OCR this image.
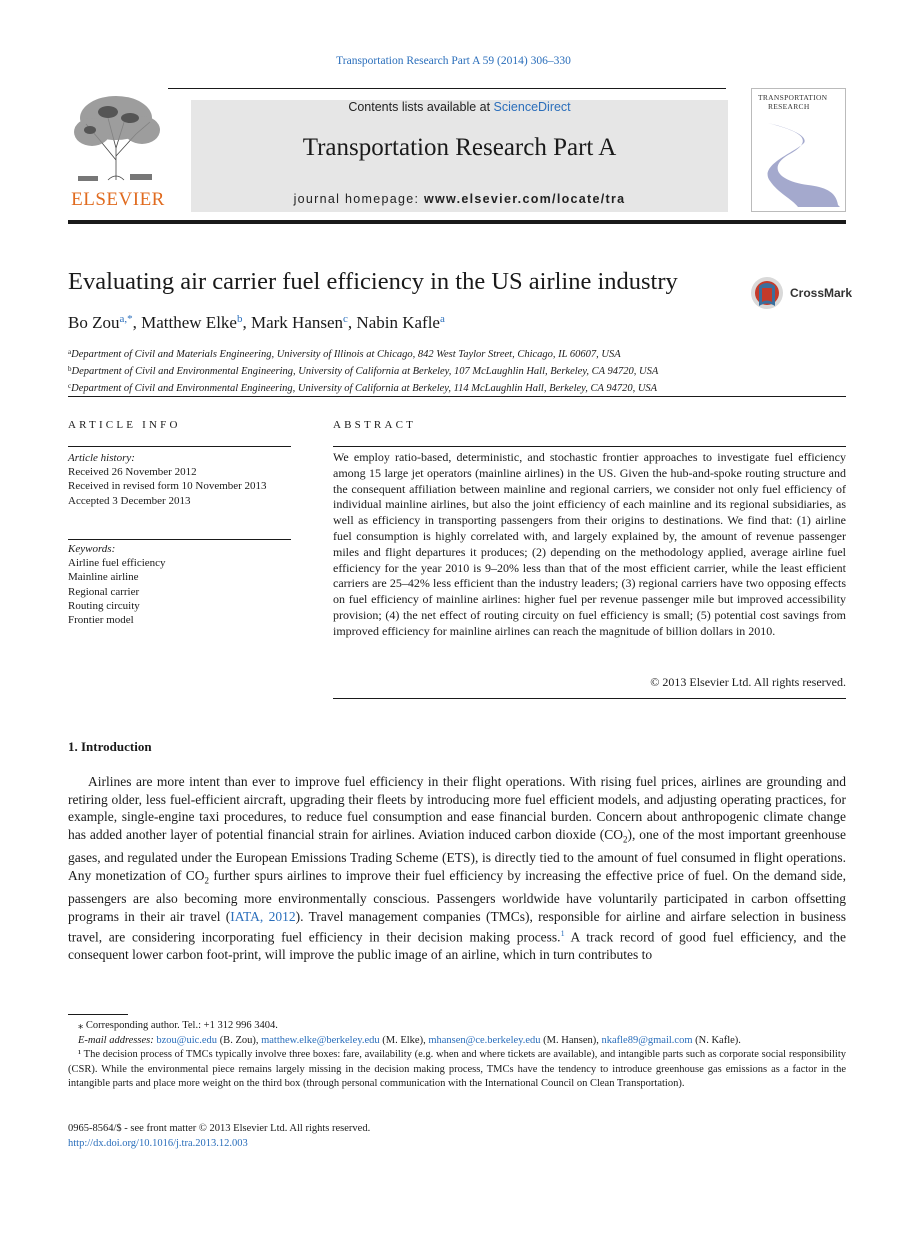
Transportation Research Part A 59 (2014) 306–330
ELSEVIER
Contents lists available at ScienceDirect
Transportation Research Part A
journal homepage: www.elsevier.com/locate/tra
TRANSPORTATION
RESEARCH
Evaluating air carrier fuel efficiency in the US airline industry	CrossMark
Bo Zou$^{a,*}$, Matthew Elke$^b$, Mark Hansen$^c$, Nabin Kafle$^a$
$^a$Department of Civil and Materials Engineering, University of Illinois at Chicago, 842 West Taylor Street, Chicago, IL 60607, USA
$^b$Department of Civil and Environmental Engineering, University of California at Berkeley, 107 McLaughlin Hall, Berkeley, CA 94720, USA
$^c$Department of Civil and Environmental Engineering, University of California at Berkeley, 114 McLaughlin Hall, Berkeley, CA 94720, USA
ARTICLE INFO	ABSTRACT
Article history:
Received 26 November 2012
Received in revised form 10 November 2013
Accepted 3 December 2013
Keywords:
Airline fuel efficiency
Mainline airline
Regional carrier
Routing circuity
Frontier model
We employ ratio-based, deterministic, and stochastic frontier approaches to investigate fuel efficiency among 15 large jet operators (mainline airlines) in the US. Given the hub-and-spoke routing structure and the consequent affiliation between mainline and regional carriers, we consider not only fuel efficiency of individual mainline airlines, but also the joint efficiency of each mainline and its regional subsidiaries, as well as efficiency in transporting passengers from their origins to destinations. We find that: (1) airline fuel consumption is highly correlated with, and largely explained by, the amount of revenue passenger miles and flight departures it produces; (2) depending on the methodology applied, average airline fuel efficiency for the year 2010 is 9–20% less than that of the most efficient carrier, while the least efficient carriers are 25–42% less efficient than the industry leaders; (3) regional carriers have two opposing effects on fuel efficiency of mainline airlines: higher fuel per revenue passenger mile but improved accessibility provision; (4) the net effect of routing circuity on fuel efficiency is small; (5) potential cost savings from improved efficiency for mainline airlines can reach the magnitude of billion dollars in 2010.
© 2013 Elsevier Ltd. All rights reserved.
1. Introduction
Airlines are more intent than ever to improve fuel efficiency in their flight operations. With rising fuel prices, airlines are grounding and retiring older, less fuel-efficient aircraft, upgrading their fleets by introducing more fuel efficient models, and adjusting operating practices, for example, single-engine taxi procedures, to reduce fuel consumption and ease financial burden. Concern about anthropogenic climate change has added another layer of potential financial strain for airlines. Aviation induced carbon dioxide $(CO_2)$, one of the most important greenhouse gases, and regulated under the European Emissions Trading Scheme (ETS), is directly tied to the amount of fuel consumed in flight operations. Any monetization of $CO_2$ further spurs airlines to improve their fuel efficiency by increasing the effective price of fuel. On the demand side, passengers are also becoming more environmentally conscious. Passengers worldwide have voluntarily participated in carbon offsetting programs in their air travel (IATA, 2012). Travel management companies (TMCs), responsible for airline and airfare selection in business travel, are considering incorporating fuel efficiency in their decision making process.$^1$ A track record of good fuel efficiency, and the consequent lower carbon foot-print, will improve the public image of an airline, which in turn contributes to
⁎ Corresponding author. Tel.: +1 312 996 3404.
E-mail addresses: bzou@uic.edu (B. Zou), matthew.elke@berkeley.edu (M. Elke), mhansen@ce.berkeley.edu (M. Hansen), nkafle89@gmail.com (N. Kafle).
¹ The decision process of TMCs typically involve three boxes: fare, availability (e.g. when and where tickets are available), and intangible parts such as corporate social responsibility (CSR). While the environmental piece remains largely missing in the decision making process, TMCs have the tendency to introduce greenhouse gas emissions as a factor in the intangible parts and place more weight on the third box (through personal communication with the International Council on Clean Transportation).
0965-8564/$ - see front matter © 2013 Elsevier Ltd. All rights reserved.
http://dx.doi.org/10.1016/j.tra.2013.12.003
